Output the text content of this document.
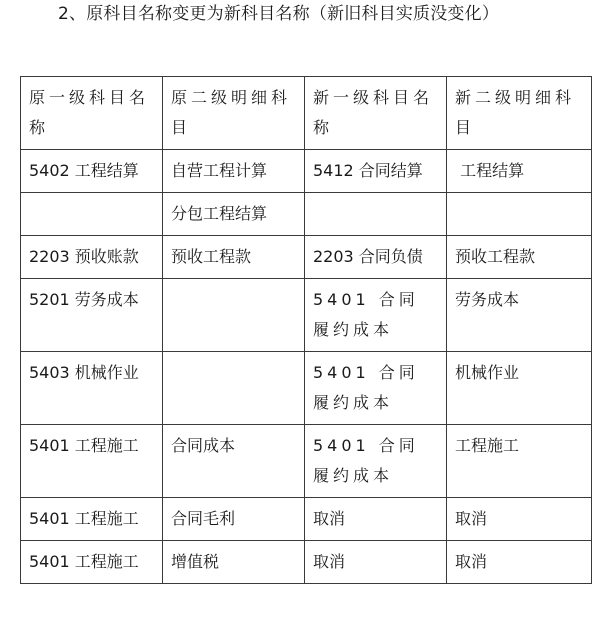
2、原科目名称变更为新科目名称（新旧科目实质没变化）
原一级科目名称	原二级明细科目	新一级科目名称	新二级明细科目
5402 工程结算	自营工程计算	5412 合同结算	工程结算
	分包工程结算		
2203 预收账款	预收工程款	2203 合同负债	预收工程款
5201 劳务成本		5401 合同履约成本	劳务成本
5403 机械作业		5401 合同履约成本	机械作业
5401 工程施工	合同成本	5401 合同履约成本	工程施工
5401 工程施工	合同毛利	取消	取消
5401 工程施工	增值税	取消	取消
